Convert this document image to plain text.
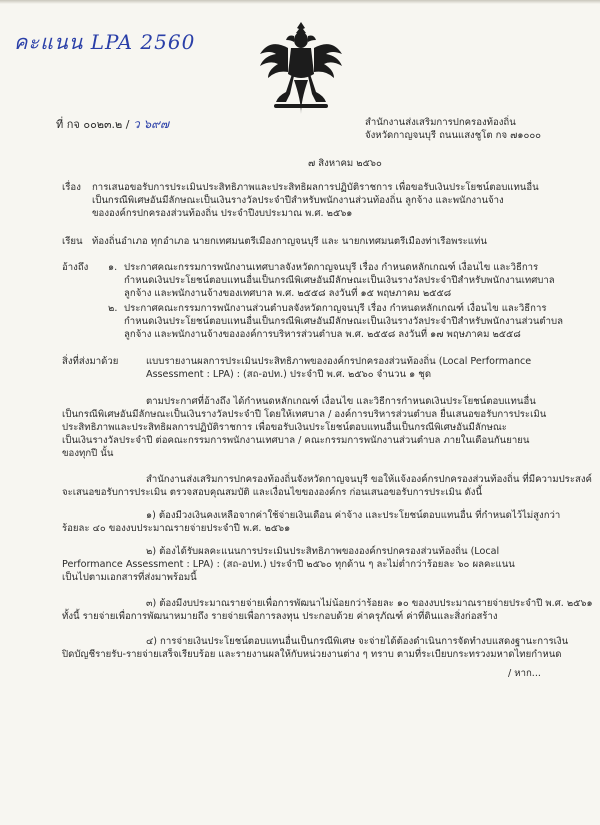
คะแนน LPA 2560
ที่ กจ ๐๐๒๓.๒ / ว ๖๙๗	สำนักงานส่งเสริมการปกครองท้องถิ่น
จังหวัดกาญจนบุรี ถนนแสงชูโต กจ ๗๑๐๐๐
๗ สิงหาคม ๒๕๖๐
เรื่อง การเสนอขอรับการประเมินประสิทธิภาพและประสิทธิผลการปฏิบัติราชการ เพื่อขอรับเงินประโยชน์ตอบแทนอื่น
เป็นกรณีพิเศษอันมีลักษณะเป็นเงินรางวัลประจำปีสำหรับพนักงานส่วนท้องถิ่น ลูกจ้าง และพนักงานจ้าง
ขององค์กรปกครองส่วนท้องถิ่น ประจำปีงบประมาณ พ.ศ. ๒๕๖๑
เรียน ท้องถิ่นอำเภอ ทุกอำเภอ นายกเทศมนตรีเมืองกาญจนบุรี และ นายกเทศมนตรีเมืองท่าเรือพระแท่น
อ้างถึง ๑. ประกาศคณะกรรมการพนักงานเทศบาลจังหวัดกาญจนบุรี เรื่อง กำหนดหลักเกณฑ์ เงื่อนไข และวิธีการ
กำหนดเงินประโยชน์ตอบแทนอื่นเป็นกรณีพิเศษอันมีลักษณะเป็นเงินรางวัลประจำปีสำหรับพนักงานเทศบาล
ลูกจ้าง และพนักงานจ้างของเทศบาล พ.ศ. ๒๕๕๘ ลงวันที่ ๑๕ พฤษภาคม ๒๕๕๘
๒. ประกาศคณะกรรมการพนักงานส่วนตำบลจังหวัดกาญจนบุรี เรื่อง กำหนดหลักเกณฑ์ เงื่อนไข และวิธีการ
กำหนดเงินประโยชน์ตอบแทนอื่นเป็นกรณีพิเศษอันมีลักษณะเป็นเงินรางวัลประจำปีสำหรับพนักงานส่วนตำบล
ลูกจ้าง และพนักงานจ้างขององค์การบริหารส่วนตำบล พ.ศ. ๒๕๕๘ ลงวันที่ ๑๗ พฤษภาคม ๒๕๕๘
สิ่งที่ส่งมาด้วย	แบบรายงานผลการประเมินประสิทธิภาพขององค์กรปกครองส่วนท้องถิ่น (Local Performance
Assessment : LPA) : (สถ-อปท.) ประจำปี พ.ศ. ๒๕๖๐ จำนวน ๑ ชุด
ตามประกาศที่อ้างถึง ได้กำหนดหลักเกณฑ์ เงื่อนไข และวิธีการกำหนดเงินประโยชน์ตอบแทนอื่น
เป็นกรณีพิเศษอันมีลักษณะเป็นเงินรางวัลประจำปี โดยให้เทศบาล / องค์การบริหารส่วนตำบล ยื่นเสนอขอรับการประเมิน
ประสิทธิภาพและประสิทธิผลการปฏิบัติราชการ เพื่อขอรับเงินประโยชน์ตอบแทนอื่นเป็นกรณีพิเศษอันมีลักษณะ
เป็นเงินรางวัลประจำปี ต่อคณะกรรมการพนักงานเทศบาล / คณะกรรมการพนักงานส่วนตำบล ภายในเดือนกันยายน
ของทุกปี นั้น
สำนักงานส่งเสริมการปกครองท้องถิ่นจังหวัดกาญจนบุรี ขอให้แจ้งองค์กรปกครองส่วนท้องถิ่น ที่มีความประสงค์
จะเสนอขอรับการประเมิน ตรวจสอบคุณสมบัติ และเงื่อนไขขององค์กร ก่อนเสนอขอรับการประเมิน ดังนี้
๑) ต้องมีวงเงินคงเหลือจากค่าใช้จ่ายเงินเดือน ค่าจ้าง และประโยชน์ตอบแทนอื่น ที่กำหนดไว้ไม่สูงกว่า
ร้อยละ ๔๐ ของงบประมาณรายจ่ายประจำปี พ.ศ. ๒๕๖๑
๒) ต้องได้รับผลคะแนนการประเมินประสิทธิภาพขององค์กรปกครองส่วนท้องถิ่น (Local
Performance Assessment : LPA) : (สถ-อปท.) ประจำปี ๒๕๖๐ ทุกด้าน ๆ ละไม่ต่ำกว่าร้อยละ ๖๐ ผลคะแนน
เป็นไปตามเอกสารที่ส่งมาพร้อมนี้
๓) ต้องมีงบประมาณรายจ่ายเพื่อการพัฒนาไม่น้อยกว่าร้อยละ ๑๐ ของงบประมาณรายจ่ายประจำปี พ.ศ. ๒๕๖๑
ทั้งนี้ รายจ่ายเพื่อการพัฒนาหมายถึง รายจ่ายเพื่อการลงทุน ประกอบด้วย ค่าครุภัณฑ์ ค่าที่ดินและสิ่งก่อสร้าง
๔) การจ่ายเงินประโยชน์ตอบแทนอื่นเป็นกรณีพิเศษ จะจ่ายได้ต้องดำเนินการจัดทำงบแสดงฐานะการเงิน
ปิดบัญชีรายรับ-รายจ่ายเสร็จเรียบร้อย และรายงานผลให้กับหน่วยงานต่าง ๆ ทราบ ตามที่ระเบียบกระทรวงมหาดไทยกำหนด
/ หาก...
